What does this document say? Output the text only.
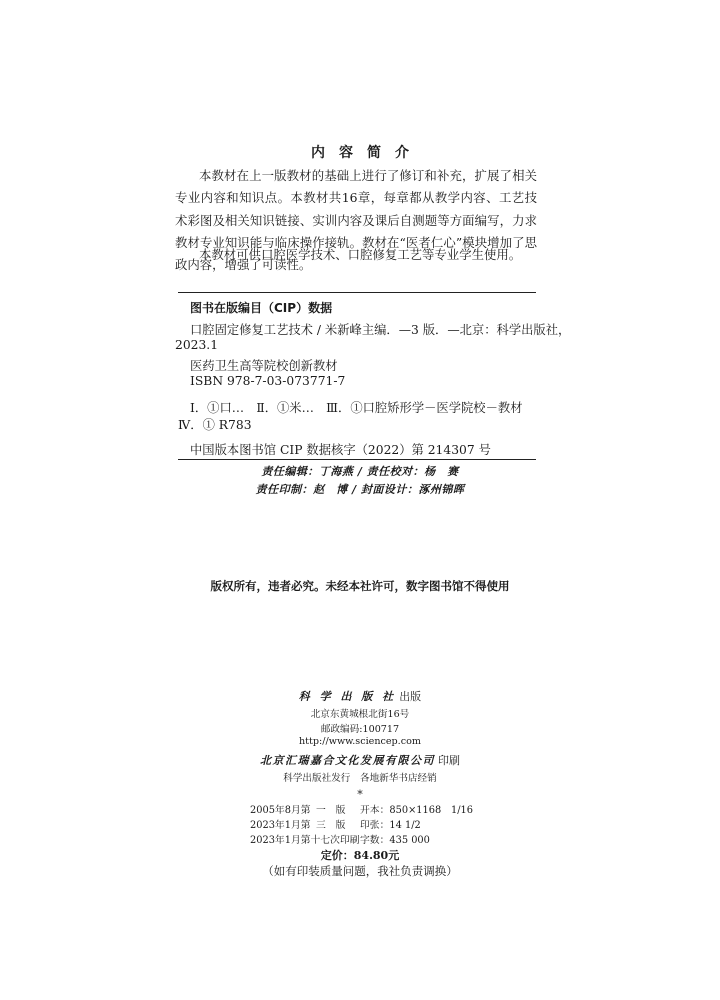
内容简介

本教材在上一版教材的基础上进行了修订和补充，扩展了相关专业内容和知识点。本教材共16章，每章都从教学内容、工艺技术彩图及相关知识链接、实训内容及课后自测题等方面编写，力求教材专业知识能与临床操作接轨。教材在“医者仁心”模块增加了思政内容，增强了可读性。

本教材可供口腔医学技术、口腔修复工艺等专业学生使用。

图书在版编目（CIP）数据
口腔固定修复工艺技术 / 米新峰主编．—3 版．—北京：科学出版社，
2023.1
医药卫生高等院校创新教材
ISBN 978-7-03-073771-7
Ⅰ．①口…　Ⅱ．①米…　Ⅲ．①口腔矫形学－医学院校－教材
Ⅳ．① R783
中国版本图书馆 CIP 数据核字（2022）第 214307 号
责任编辑：丁海燕 / 责任校对：杨　赛
责任印制：赵　博 / 封面设计：涿州锦晖
版权所有，违者必究。未经本社许可，数字图书馆不得使用
科 学 出 版 社 出版
北京东黄城根北街16号
邮政编码:100717
http://www.sciencep.com
北京汇瑞嘉合文化发展有限公司 印刷
科学出版社发行　各地新华书店经销
*
2005年8月第 一　版 开本：850×1168　1/16
2023年1月第 三　版 印张：14 1/2
2023年1月第十七次印刷字数：435 000
定价：84.80元
（如有印装质量问题，我社负责调换）
